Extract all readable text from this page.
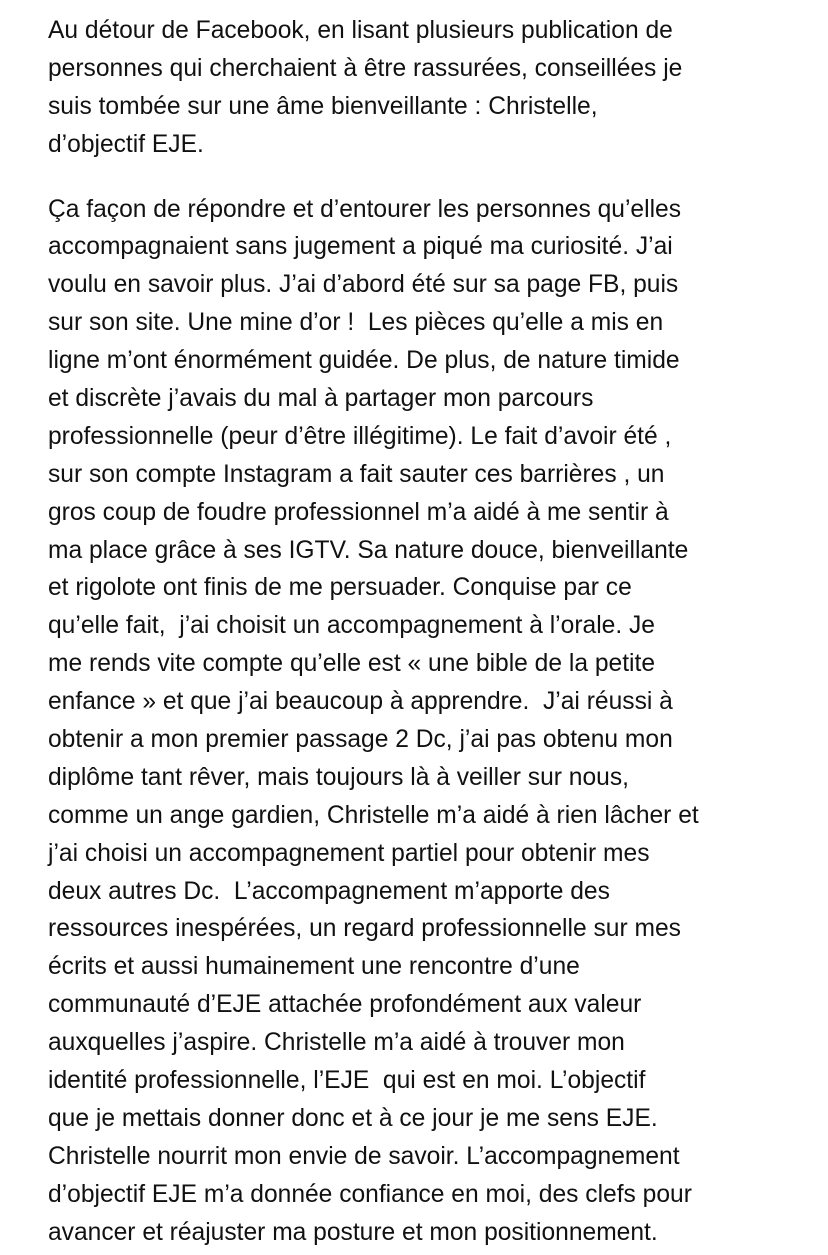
Au détour de Facebook, en lisant plusieurs publication de
personnes qui cherchaient à être rassurées, conseillées je
suis tombée sur une âme bienveillante : Christelle,
d’objectif EJE.
Ça façon de répondre et d’entourer les personnes qu’elles
accompagnaient sans jugement a piqué ma curiosité. J’ai
voulu en savoir plus. J’ai d’abord été sur sa page FB, puis
sur son site. Une mine d’or !  Les pièces qu’elle a mis en
ligne m’ont énormément guidée. De plus, de nature timide
et discrète j’avais du mal à partager mon parcours
professionnelle (peur d’être illégitime). Le fait d’avoir été ,
sur son compte Instagram a fait sauter ces barrières , un
gros coup de foudre professionnel m’a aidé à me sentir à
ma place grâce à ses IGTV. Sa nature douce, bienveillante
et rigolote ont finis de me persuader. Conquise par ce
qu’elle fait,  j’ai choisit un accompagnement à l’orale. Je
me rends vite compte qu’elle est « une bible de la petite
enfance » et que j’ai beaucoup à apprendre.  J’ai réussi à
obtenir a mon premier passage 2 Dc, j’ai pas obtenu mon
diplôme tant rêver, mais toujours là à veiller sur nous,
comme un ange gardien, Christelle m’a aidé à rien lâcher et
j’ai choisi un accompagnement partiel pour obtenir mes
deux autres Dc.  L’accompagnement m’apporte des
ressources inespérées, un regard professionnelle sur mes
écrits et aussi humainement une rencontre d’une
communauté d’EJE attachée profondément aux valeur
auxquelles j’aspire. Christelle m’a aidé à trouver mon
identité professionnelle, l’EJE  qui est en moi. L’objectif
que je mettais donner donc et à ce jour je me sens EJE.
Christelle nourrit mon envie de savoir. L’accompagnement
d’objectif EJE m’a donnée confiance en moi, des clefs pour
avancer et réajuster ma posture et mon positionnement.
